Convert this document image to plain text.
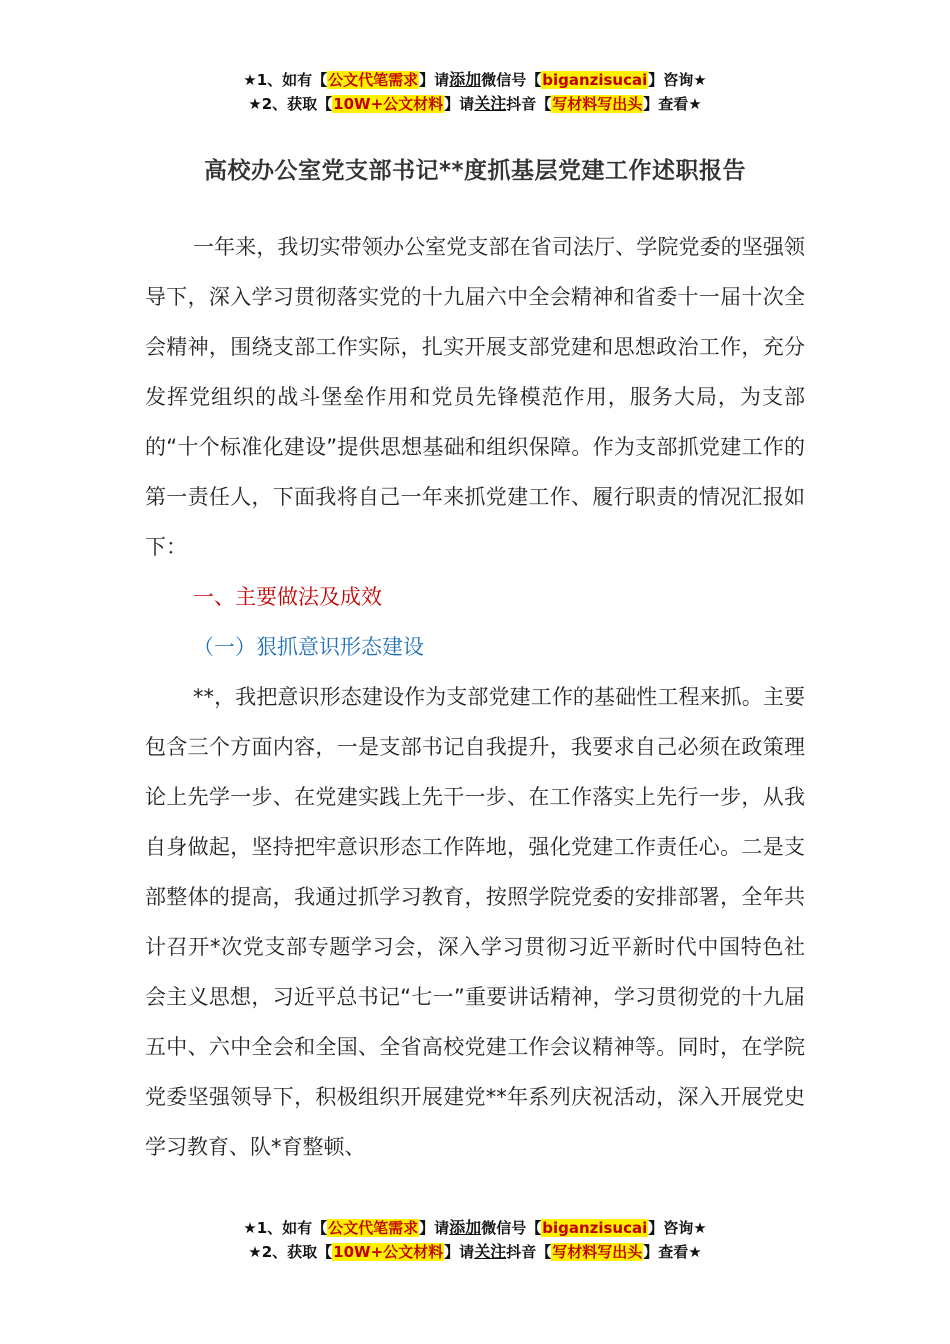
★1、如有【公文代笔需求】请添加微信号【biganzisucai】咨询★
★2、获取【10W+公文材料】请关注抖音【写材料写出头】查看★
高校办公室党支部书记**度抓基层党建工作述职报告

一年来，我切实带领办公室党支部在省司法厅、学院党委的坚强领导下，深入学习贯彻落实党的十九届六中全会精神和省委十一届十次全会精神，围绕支部工作实际，扎实开展支部党建和思想政治工作，充分发挥党组织的战斗堡垒作用和党员先锋模范作用，服务大局，为支部的“十个标准化建设”提供思想基础和组织保障。作为支部抓党建工作的第一责任人，下面我将自己一年来抓党建工作、履行职责的情况汇报如下：

一、主要做法及成效

（一）狠抓意识形态建设

**，我把意识形态建设作为支部党建工作的基础性工程来抓。主要包含三个方面内容，一是支部书记自我提升，我要求自己必须在政策理论上先学一步、在党建实践上先干一步、在工作落实上先行一步，从我自身做起，坚持把牢意识形态工作阵地，强化党建工作责任心。二是支部整体的提高，我通过抓学习教育，按照学院党委的安排部署，全年共计召开*次党支部专题学习会，深入学习贯彻习近平新时代中国特色社会主义思想，习近平总书记“七一”重要讲话精神，学习贯彻党的十九届五中、六中全会和全国、全省高校党建工作会议精神等。同时，在学院党委坚强领导下，积极组织开展建党**年系列庆祝活动，深入开展党史学习教育、队*育整顿、

★1、如有【公文代笔需求】请添加微信号【biganzisucai】咨询★
★2、获取【10W+公文材料】请关注抖音【写材料写出头】查看★
